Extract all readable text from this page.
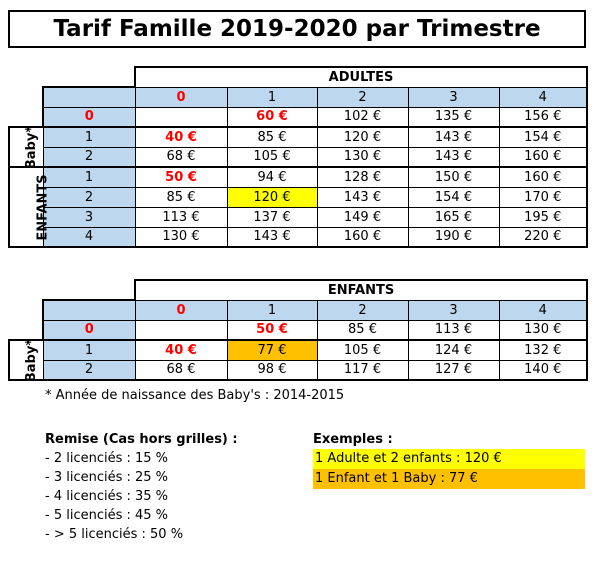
Tarif Famille 2019-2020 par Trimestre
		ADULTES				
		0	1	2	3	4
	0		60 €	102 €	135 €	156 €
Baby*	1	40 €	85 €	120 €	143 €	154 €
	2	68 €	105 €	130 €	143 €	160 €
ENFANTS	1	50 €	94 €	128 €	150 €	160 €
	2	85 €	120 €	143 €	154 €	170 €
	3	113 €	137 €	149 €	165 €	195 €
	4	130 €	143 €	160 €	190 €	220 €
		ENFANTS				
		0	1	2	3	4
	0		50 €	85 €	113 €	130 €
Baby*	1	40 €	77 €	105 €	124 €	132 €
	2	68 €	98 €	117 €	127 €	140 €
* Année de naissance des Baby's : 2014-2015
Remise (Cas hors grilles) :
- 2 licenciés : 15 %
- 3 licenciés : 25 %
- 4 licenciés : 35 %
- 5 licenciés : 45 %
- > 5 licenciés : 50 %
Exemples :
1 Adulte et 2 enfants : 120 €
1 Enfant et 1 Baby : 77 €
